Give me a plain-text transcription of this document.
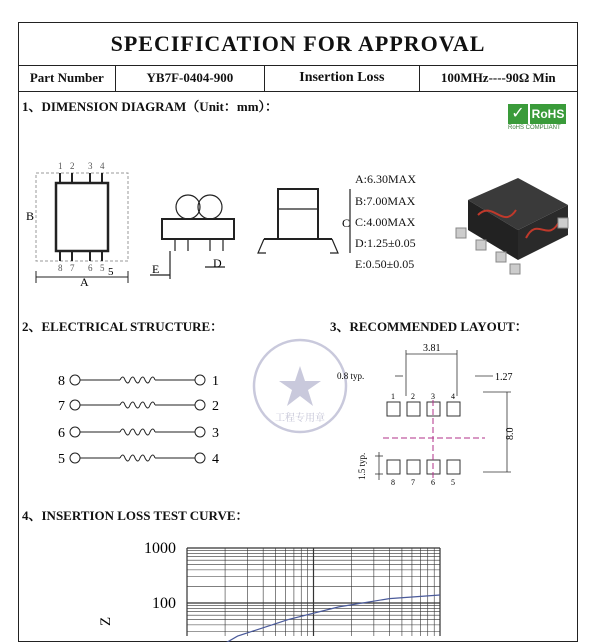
SPECIFICATION FOR APPROVAL
Part Number	YB7F-0404-900	Insertion Loss	100MHz----90Ω Min
1、DIMENSION DIAGRAM（Unit：mm）：
2、ELECTRICAL STRUCTURE：	3、RECOMMENDED LAYOUT：
4、INSERTION LOSS TEST CURVE：
✓ RoHS
RoHS COMPLIANT
1 2 3 4
8 7 6 5
B
A
5	E	D
C
A:6.30MAX
B:7.00MAX
C:4.00MAX
D:1.25±0.05
E:0.50±0.05
8	1
7	2
6	3
5	4
工程专用章
3.81
1.27
0.8 typ.
8.0
1.5 typ.
1 2 3 4
8 7 6 5
1000
100
Z
